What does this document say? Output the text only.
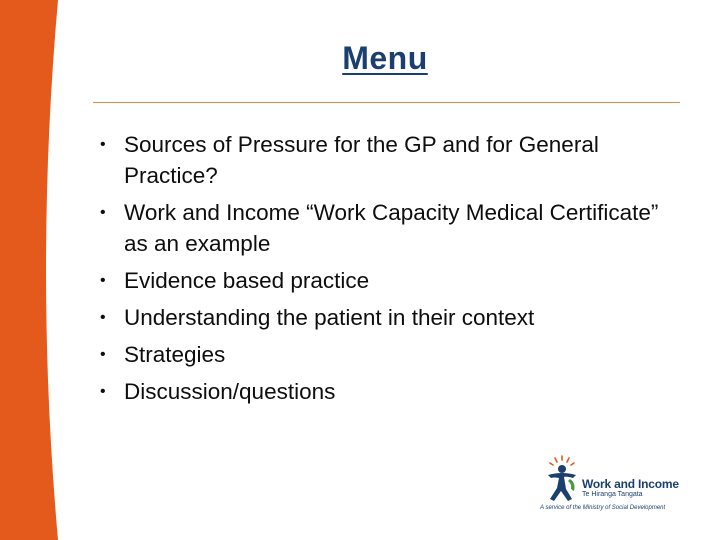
Menu
• Sources of Pressure for the GP and for General Practice?
• Work and Income “Work Capacity Medical Certificate” as an example
• Evidence based practice
• Understanding the patient in their context
• Strategies
• Discussion/questions
Work and Income
Te Hiranga Tangata
A service of the Ministry of Social Development
